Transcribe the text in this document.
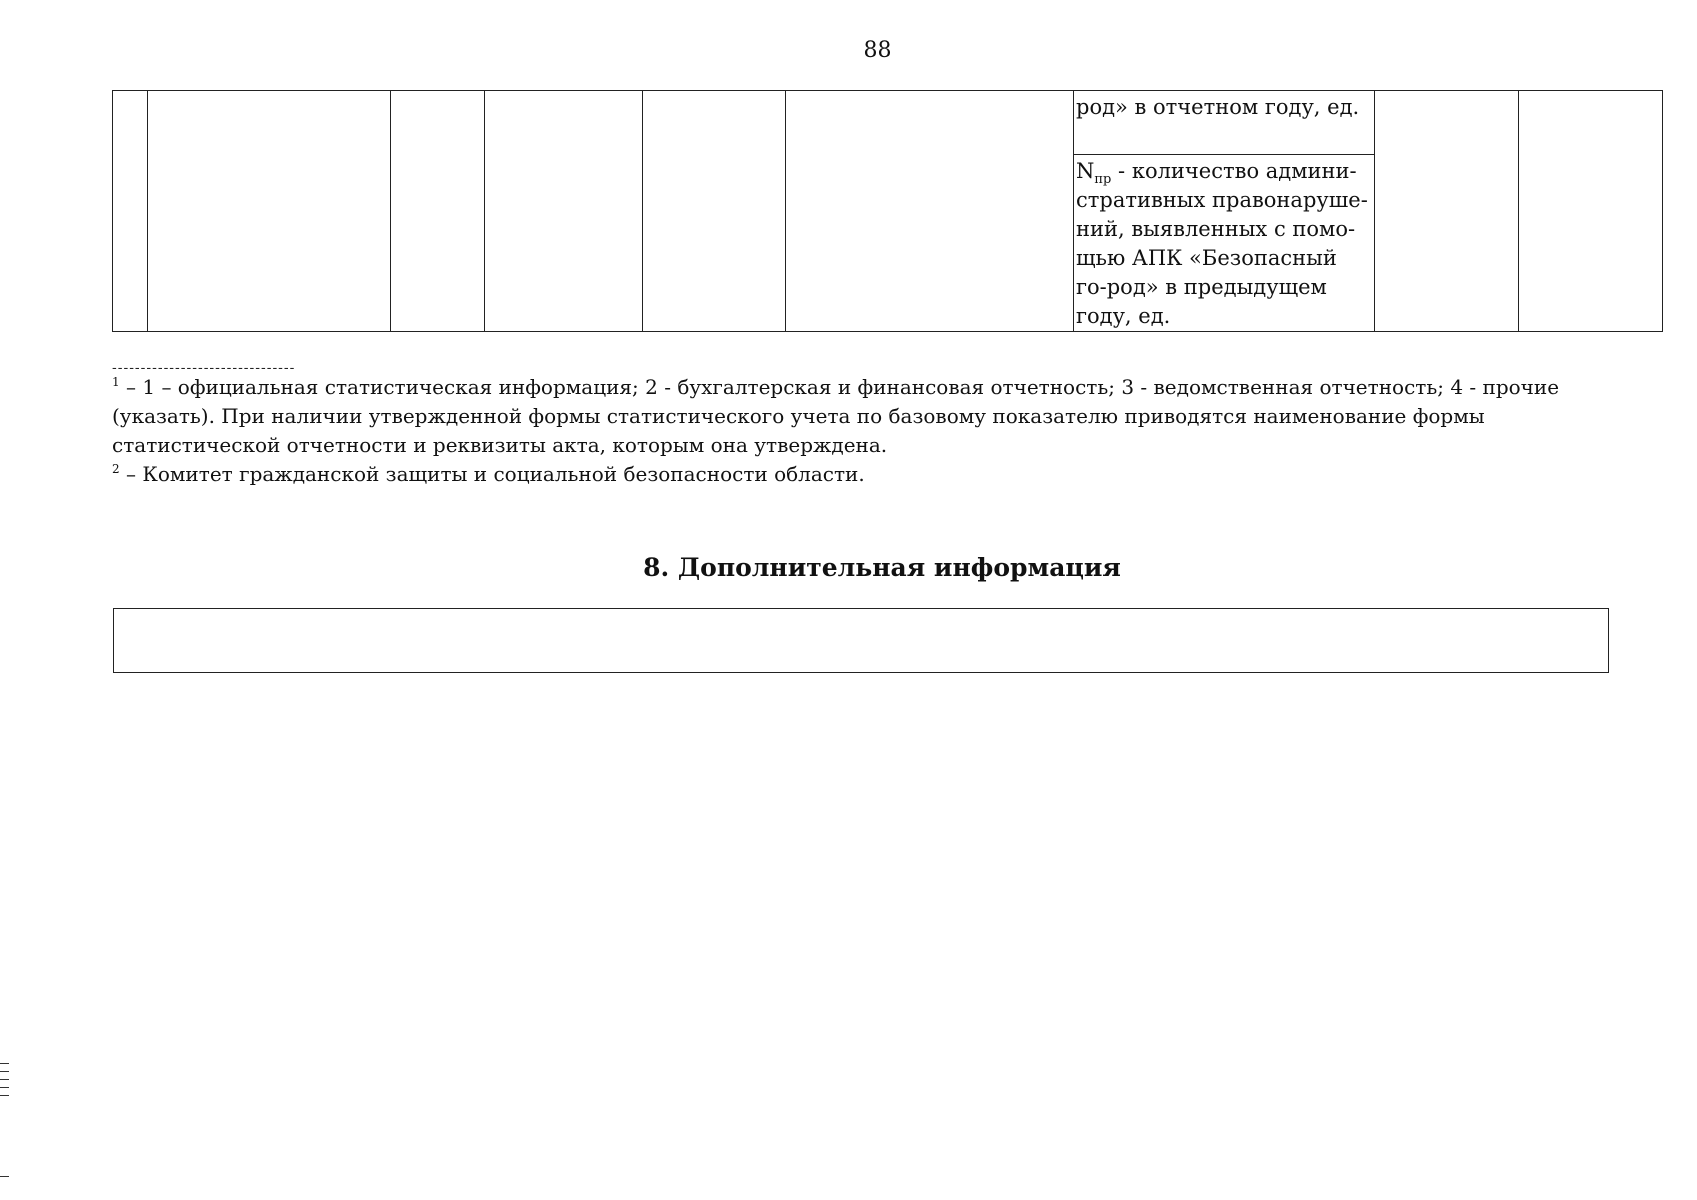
88

род» в отчетном году, ед.

$N_{пр}$ - количество админи-стративных правонаруше-ний, выявленных с помо-щью АПК «Безопасный го-род» в предыдущем году, ед.
--------------------------------

$^1$ – 1 – официальная статистическая информация; 2 - бухгалтерская и финансовая отчетность; 3 - ведомственная отчетность; 4 - прочие (указать). При наличии утвержденной формы статистического учета по базовому показателю приводятся наименование формы статистической отчетности и реквизиты акта, которым она утверждена.

$^2$ – Комитет гражданской защиты и социальной безопасности области.

8. Дополнительная информация
